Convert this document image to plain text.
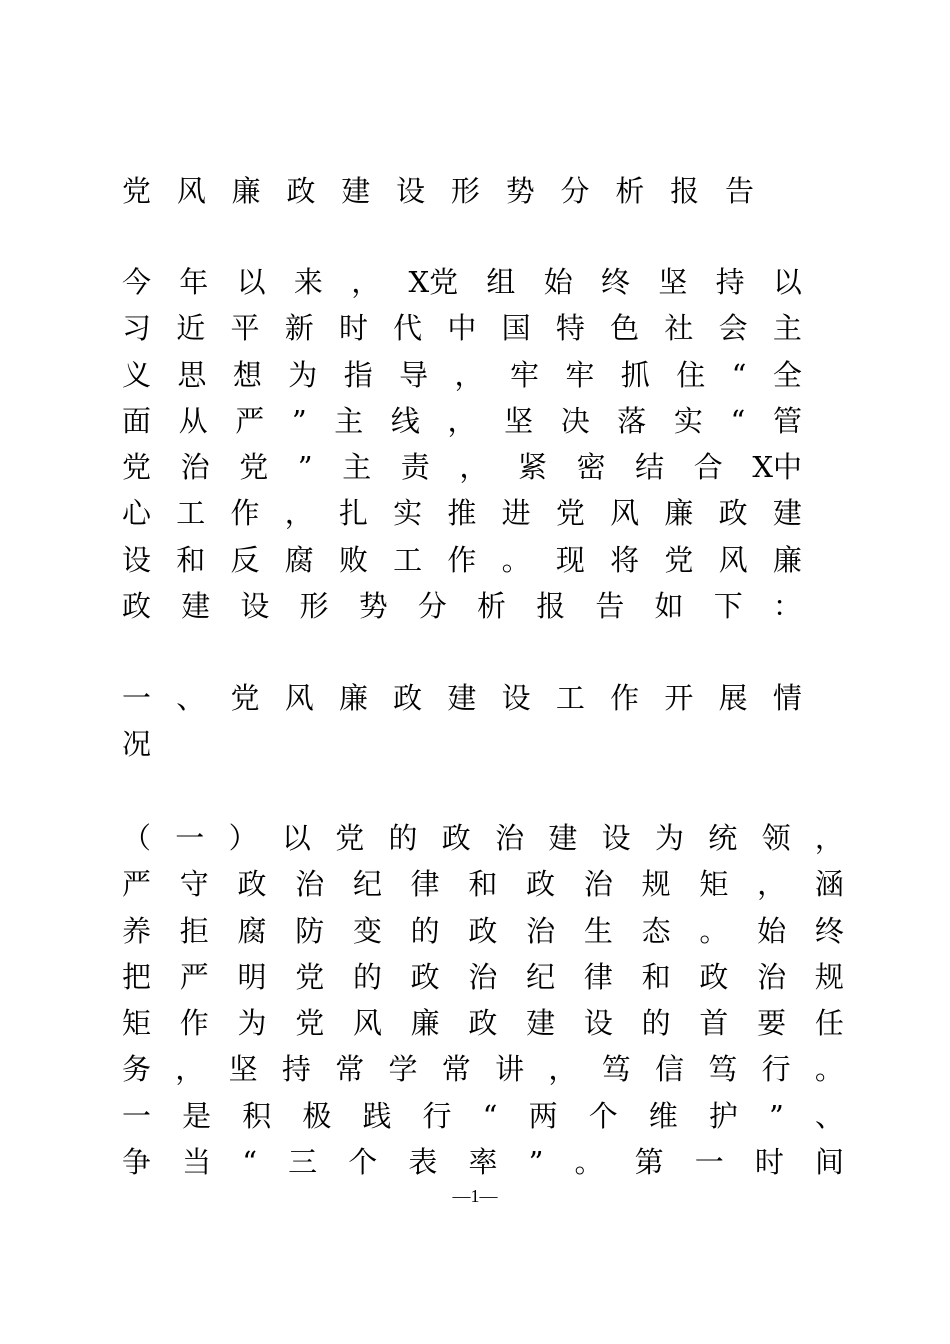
党 风 廉 政 建 设 形 势 分 析 报 告
今 年 以 来 ， X党 组 始 终 坚 持 以
习 近 平 新 时 代 中 国 特 色 社 会 主
义 思 想 为 指 导 ， 牢 牢 抓 住 “ 全
面 从 严 ” 主 线 ， 坚 决 落 实 “ 管
党 治 党 ” 主 责 ， 紧 密 结 合 X中
心 工 作 ， 扎 实 推 进 党 风 廉 政 建
设 和 反 腐 败 工 作 。 现 将 党 风 廉
政 建 设 形 势 分 析 报 告 如 下 ：
一 、 党 风 廉 政 建 设 工 作 开 展 情
况
（ 一 ） 以 党 的 政 治 建 设 为 统 领 ，
严 守 政 治 纪 律 和 政 治 规 矩 ， 涵
养 拒 腐 防 变 的 政 治 生 态 。 始 终
把 严 明 党 的 政 治 纪 律 和 政 治 规
矩 作 为 党 风 廉 政 建 设 的 首 要 任
务 ， 坚 持 常 学 常 讲 ， 笃 信 笃 行 。
一 是 积 极 践 行 “ 两 个 维 护 ” 、
争 当 “ 三 个 表 率 ” 。 第 一 时 间
—1—
